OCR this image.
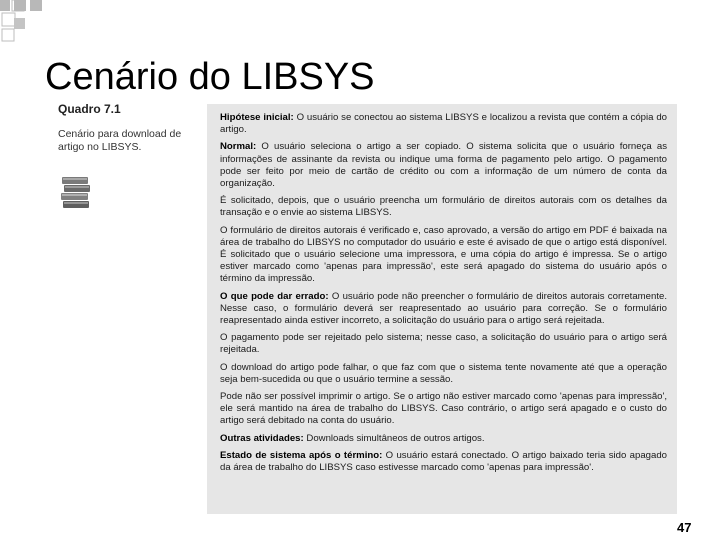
Cenário do LIBSYS
Quadro 7.1
Cenário para download de artigo no LIBSYS.

Hipótese inicial: O usuário se conectou ao sistema LIBSYS e localizou a revista que contém a cópia do artigo.

Normal: O usuário seleciona o artigo a ser copiado. O sistema solicita que o usuário forneça as informações de assinante da revista ou indique uma forma de pagamento pelo artigo. O pagamento pode ser feito por meio de cartão de crédito ou com a informação de um número de conta da organização.

É solicitado, depois, que o usuário preencha um formulário de direitos autorais com os detalhes da transação e o envie ao sistema LIBSYS.

O formulário de direitos autorais é verificado e, caso aprovado, a versão do artigo em PDF é baixada na área de trabalho do LIBSYS no computador do usuário e este é avisado de que o artigo está disponível. É solicitado que o usuário selecione uma impressora, e uma cópia do artigo é impressa. Se o artigo estiver marcado como 'apenas para impressão', este será apagado do sistema do usuário após o término da impressão.

O que pode dar errado: O usuário pode não preencher o formulário de direitos autorais corretamente. Nesse caso, o formulário deverá ser reapresentado ao usuário para correção. Se o formulário reapresentado ainda estiver incorreto, a solicitação do usuário para o artigo será rejeitada.

O pagamento pode ser rejeitado pelo sistema; nesse caso, a solicitação do usuário para o artigo será rejeitada.

O download do artigo pode falhar, o que faz com que o sistema tente novamente até que a operação seja bem-sucedida ou que o usuário termine a sessão.

Pode não ser possível imprimir o artigo. Se o artigo não estiver marcado como 'apenas para impressão', ele será mantido na área de trabalho do LIBSYS. Caso contrário, o artigo será apagado e o custo do artigo será debitado na conta do usuário.

Outras atividades: Downloads simultâneos de outros artigos.

Estado de sistema após o término: O usuário estará conectado. O artigo baixado teria sido apagado da área de trabalho do LIBSYS caso estivesse marcado como 'apenas para impressão'.

47
